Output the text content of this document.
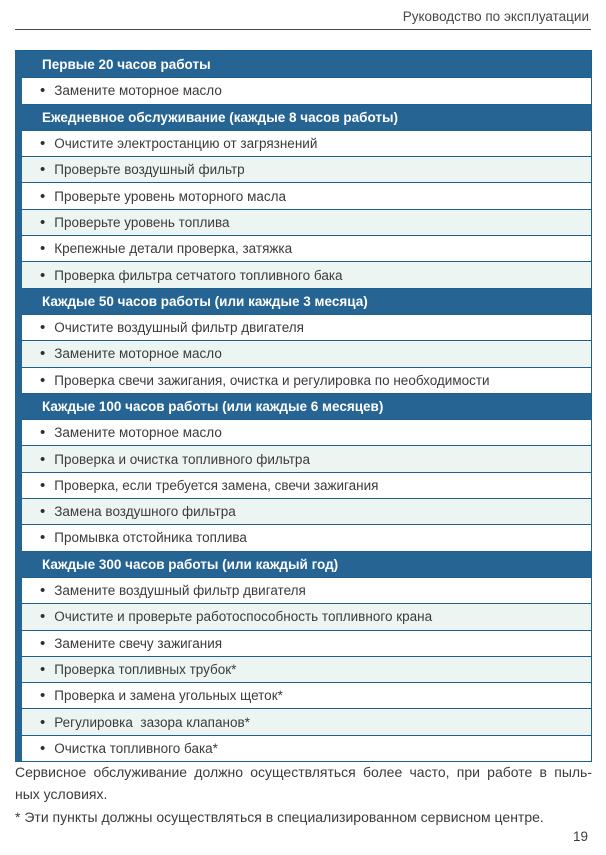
Руководство по эксплуатации
Первые 20 часов работы
• Замените моторное масло
Ежедневное обслуживание (каждые 8 часов работы)
• Очистите электростанцию от загрязнений
• Проверьте воздушный фильтр
• Проверьте уровень моторного масла
• Проверьте уровень топлива
• Крепежные детали проверка, затяжка
• Проверка фильтра сетчатого топливного бака
Каждые 50 часов работы (или каждые 3 месяца)
• Очистите воздушный фильтр двигателя
• Замените моторное масло
• Проверка свечи зажигания, очистка и регулировка по необходимости
Каждые 100 часов работы (или каждые 6 месяцев)
• Замените моторное масло
• Проверка и очистка топливного фильтра
• Проверка, если требуется замена, свечи зажигания
• Замена воздушного фильтра
• Промывка отстойника топлива
Каждые 300 часов работы (или каждый год)
• Замените воздушный фильтр двигателя
• Очистите и проверьте работоспособность топливного крана
• Замените свечу зажигания
• Проверка топливных трубок*
• Проверка и замена угольных щеток*
• Регулировка  зазора клапанов*
• Очистка топливного бака*
Сервисное обслуживание должно осуществляться более часто, при работе в пыль-
ных условиях.
* Эти пункты должны осуществляться в специализированном сервисном центре.
19
